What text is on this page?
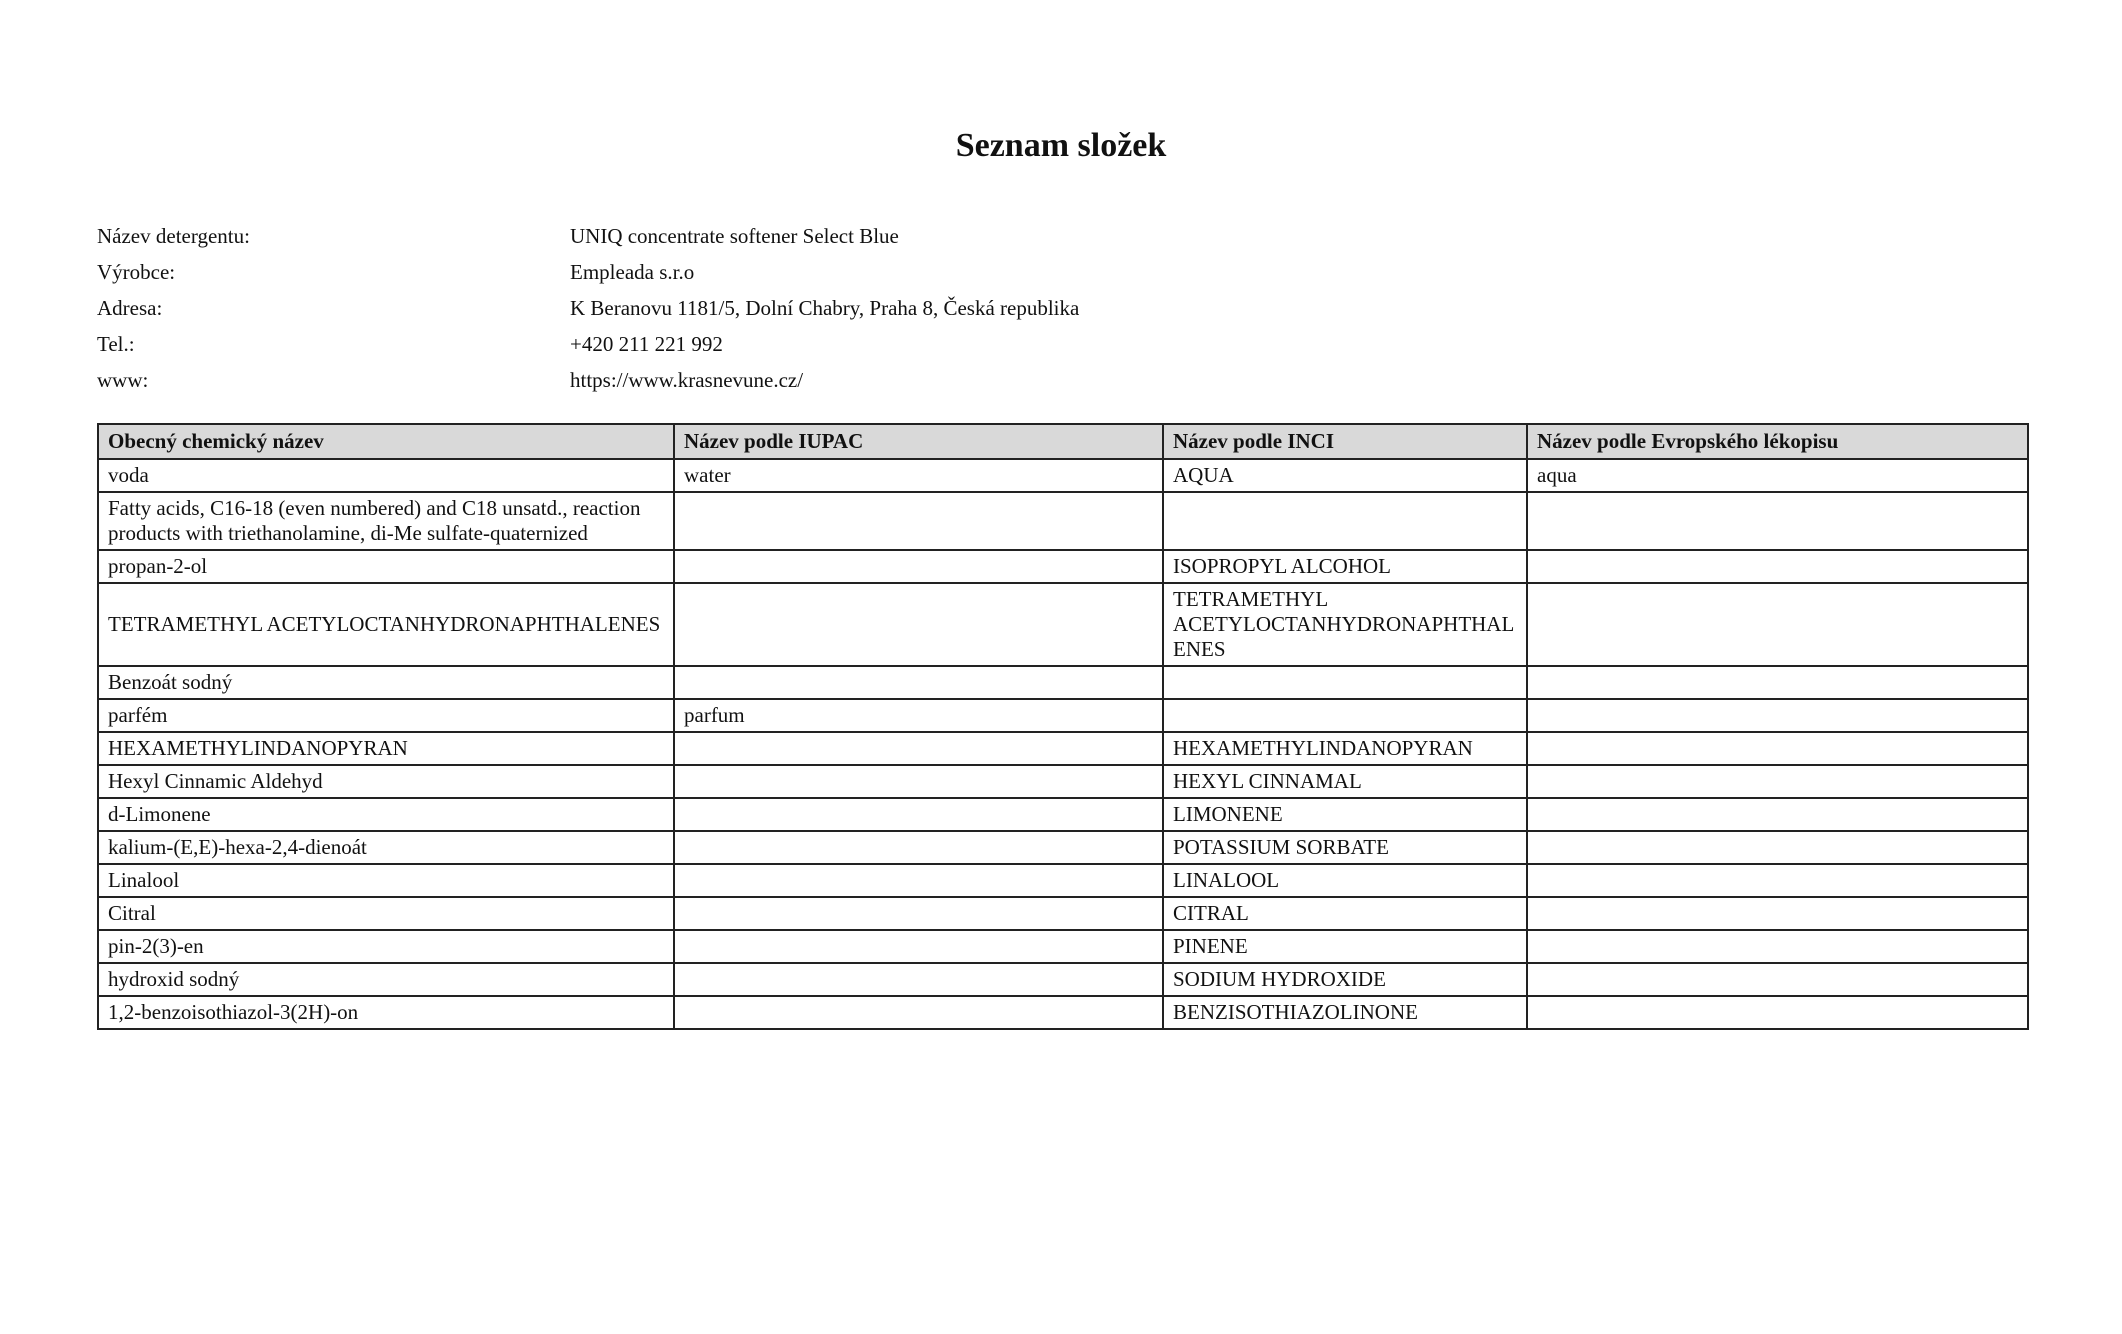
Seznam složek
Název detergentu:	UNIQ concentrate softener Select Blue
Výrobce:	Empleada s.r.o
Adresa:	K Beranovu 1181/5, Dolní Chabry, Praha 8, Česká republika
Tel.:	+420 211 221 992
www:	https://www.krasnevune.cz/
Obecný chemický název	Název podle IUPAC	Název podle INCI	Název podle Evropského lékopisu
voda	water	AQUA	aqua
Fatty acids, C16-18 (even numbered) and C18 unsatd., reaction products with triethanolamine, di-Me sulfate-quaternized			
propan-2-ol		ISOPROPYL ALCOHOL	
TETRAMETHYL ACETYLOCTANHYDRONAPHTHALENES		TETRAMETHYL ACETYLOCTANHYDRONAPHTHALENES	
Benzoát sodný			
parfém	parfum		
HEXAMETHYLINDANOPYRAN		HEXAMETHYLINDANOPYRAN	
Hexyl Cinnamic Aldehyd		HEXYL CINNAMAL	
d-Limonene		LIMONENE	
kalium-(E,E)-hexa-2,4-dienoát		POTASSIUM SORBATE	
Linalool		LINALOOL	
Citral		CITRAL	
pin-2(3)-en		PINENE	
hydroxid sodný		SODIUM HYDROXIDE	
1,2-benzoisothiazol-3(2H)-on		BENZISOTHIAZOLINONE	
